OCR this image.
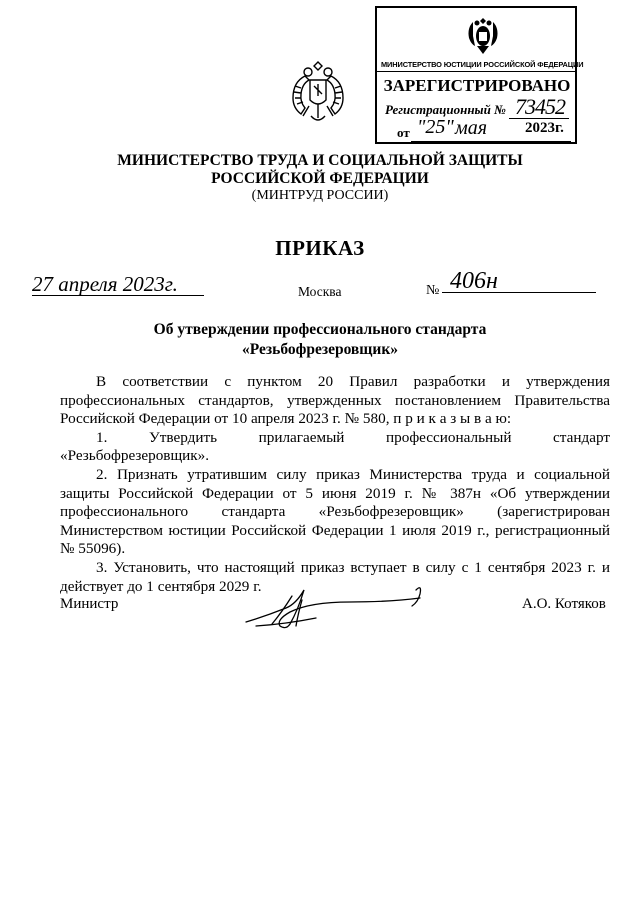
МИНИСТЕРСТВО ЮСТИЦИИ РОССИЙСКОЙ ФЕДЕРАЦИИ
ЗАРЕГИСТРИРОВАНО
Регистрационный № 73452
от "25" мая	2023г.
МИНИСТЕРСТВО ТРУДА И СОЦИАЛЬНОЙ ЗАЩИТЫ
РОССИЙСКОЙ ФЕДЕРАЦИИ
(МИНТРУД РОССИИ)
ПРИКАЗ
27 апреля 2023г.	Москва	№ 406н
Об утверждении профессионального стандарта
«Резьбофрезеровщик»

В соответствии с пунктом 20 Правил разработки и утверждения профессиональных стандартов, утвержденных постановлением Правительства Российской Федерации от 10 апреля 2023 г. № 580, п р и к а з ы в а ю:

1. Утвердить прилагаемый профессиональный стандарт «Резьбофрезеровщик».

2. Признать утратившим силу приказ Министерства труда и социальной защиты Российской Федерации от 5 июня 2019 г. № 387н «Об утверждении профессионального стандарта «Резьбофрезеровщик» (зарегистрирован Министерством юстиции Российской Федерации 1 июля 2019 г., регистрационный № 55096).

3. Установить, что настоящий приказ вступает в силу с 1 сентября 2023 г. и действует до 1 сентября 2029 г.

Министр	А.О. Котяков
